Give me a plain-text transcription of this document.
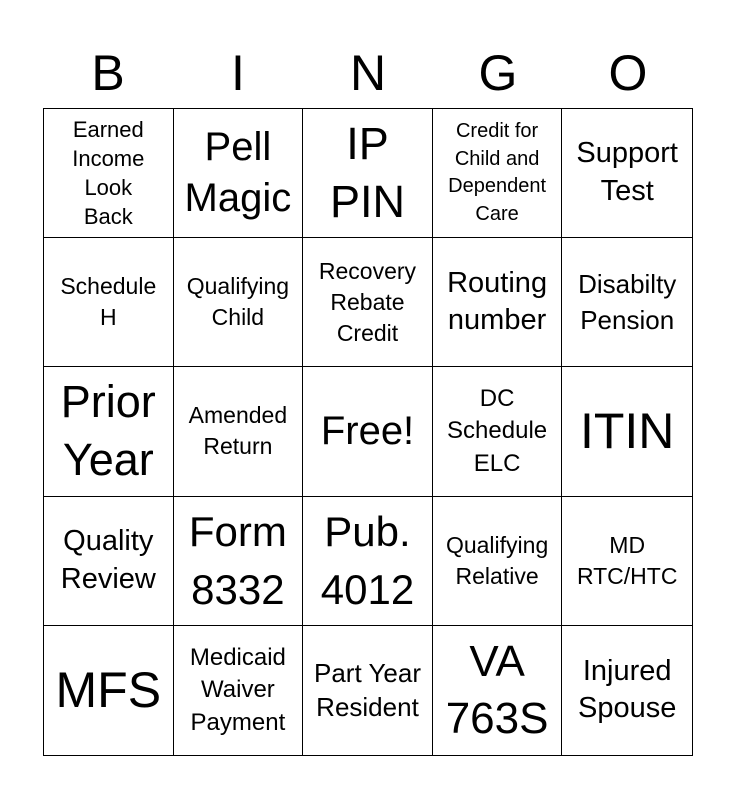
B	I	N	G	O
Earned Income Look Back
Pell Magic
IP PIN
Credit for Child and Dependent Care
Support Test
Schedule H
Qualifying Child
Recovery Rebate Credit
Routing number
Disabilty Pension
Prior Year
Amended Return	Free!
DC Schedule ELC
ITIN
Quality Review
Form 8332
Pub. 4012
Qualifying Relative
MD RTC/HTC
MFS
Medicaid Waiver Payment
Part Year Resident
VA 763S
Injured Spouse
